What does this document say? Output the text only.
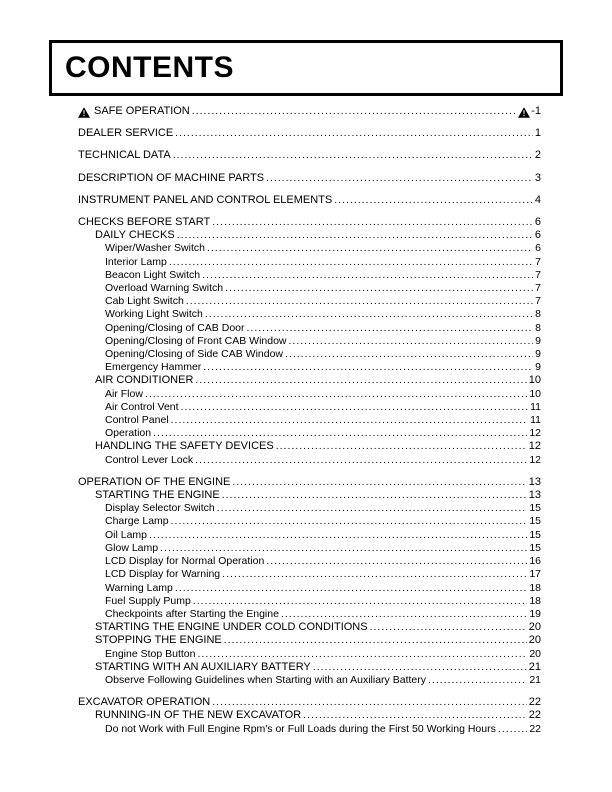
CONTENTS
SAFE OPERATION .....	-1
DEALER SERVICE .....	1
TECHNICAL DATA .....	2
DESCRIPTION OF MACHINE PARTS .....	3
INSTRUMENT PANEL AND CONTROL ELEMENTS .....	4
CHECKS BEFORE START .....	6
DAILY CHECKS .....	6
Wiper/Washer Switch .....	6
Interior Lamp .....	7
Beacon Light Switch .....	7
Overload Warning Switch .....	7
Cab Light Switch .....	7
Working Light Switch .....	8
Opening/Closing of CAB Door .....	8
Opening/Closing of Front CAB Window .....	9
Opening/Closing of Side CAB Window .....	9
Emergency Hammer .....	9
AIR CONDITIONER .....	10
Air Flow .....	10
Air Control Vent .....	11
Control Panel .....	11
Operation .....	12
HANDLING THE SAFETY DEVICES .....	12
Control Lever Lock .....	12
OPERATION OF THE ENGINE .....	13
STARTING THE ENGINE .....	13
Display Selector Switch .....	15
Charge Lamp .....	15
Oil Lamp .....	15
Glow Lamp .....	15
LCD Display for Normal Operation .....	16
LCD Display for Warning .....	17
Warning Lamp .....	18
Fuel Supply Pump .....	18
Checkpoints after Starting the Engine .....	19
STARTING THE ENGINE UNDER COLD CONDITIONS .....	20
STOPPING THE ENGINE .....	20
Engine Stop Button .....	20
STARTING WITH AN AUXILIARY BATTERY .....	21
Observe Following Guidelines when Starting with an Auxiliary Battery .....	21
EXCAVATOR OPERATION .....	22
RUNNING-IN OF THE NEW EXCAVATOR .....	22
Do not Work with Full Engine Rpm's or Full Loads during the First 50 Working Hours .....	22
